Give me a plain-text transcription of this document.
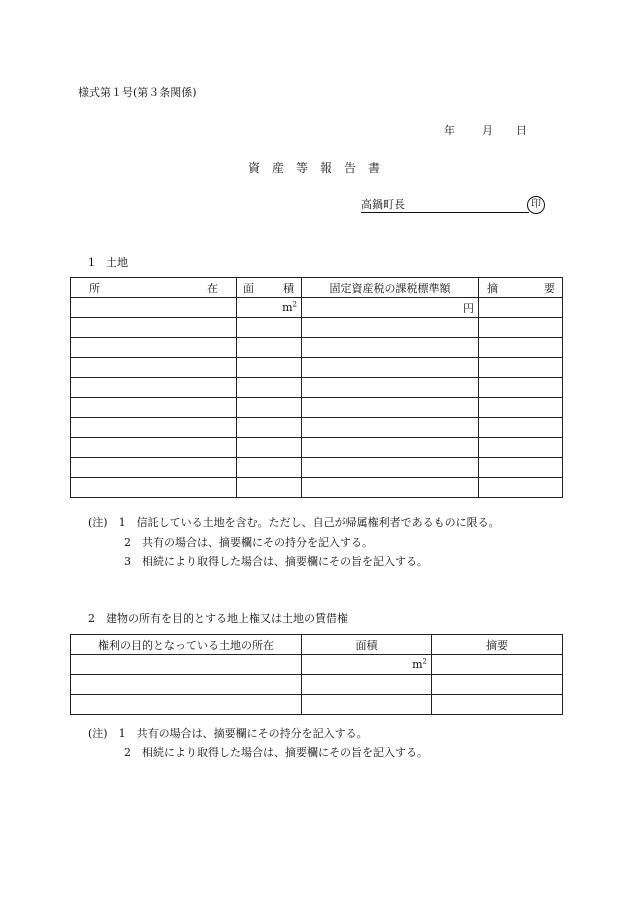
様式第１号(第３条関係)
年 月 日
資　産　等　報　告　書
高鍋町長	印
1　土地
所 在	面 積	固定資産税の課税標準額	摘 要

	$m^2$	円	

(注)　1　信託している土地を含む。ただし、自己が帰属権利者であるものに限る。
2　共有の場合は、摘要欄にその持分を記入する。
3　相続により取得した場合は、摘要欄にその旨を記入する。
2　建物の所有を目的とする地上権又は土地の賃借権
権利の目的となっている土地の所在	面積	摘要
	$m^2$	

(注)　1　共有の場合は、摘要欄にその持分を記入する。
2　相続により取得した場合は、摘要欄にその旨を記入する。
